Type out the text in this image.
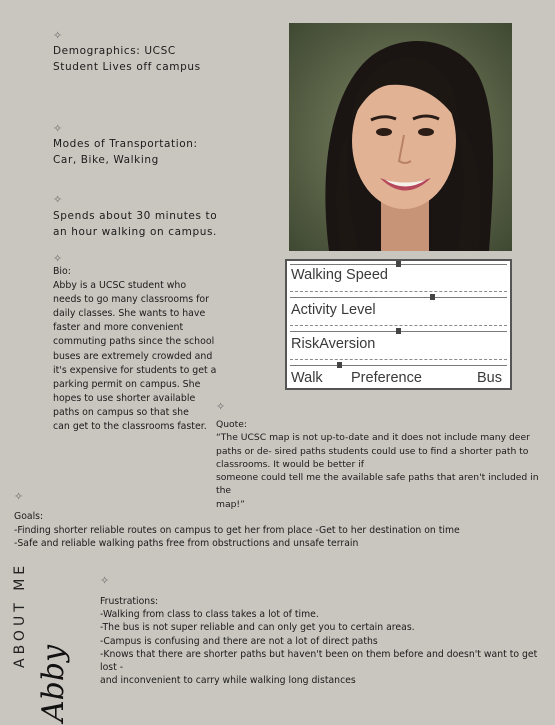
✧
✧
✧
✧
✧
✧
✧
Demographics: UCSC
Student Lives off campus
Modes of Transportation:
Car, Bike, Walking
Spends about 30 minutes to
an hour walking on campus.
Bio:
Abby is a UCSC student who
needs to go many classrooms for
daily classes. She wants to have
faster and more convenient
commuting paths since the school
buses are extremely crowded and
it's expensive for students to get a
parking permit on campus. She
hopes to use shorter available
paths on campus so that she
can get to the classrooms faster.
Walking Speed
Activity Level
RiskAversion
Walk Preference	Bus
Quote:
“The UCSC map is not up-to-date and it does not include many deer
paths or de- sired paths students could use to find a shorter path to
classrooms. It would be better if
someone could tell me the available safe paths that aren't included in the
map!”
Goals:
-Finding shorter reliable routes on campus to get her from place -Get to her destination on time
-Safe and reliable walking paths free from obstructions and unsafe terrain
Frustrations:
-Walking from class to class takes a lot of time.
-The bus is not super reliable and can only get you to certain areas.
-Campus is confusing and there are not a lot of direct paths
-Knows that there are shorter paths but haven't been on them before and doesn't want to get lost -
and inconvenient to carry while walking long distances
ABOUT ME
Abby
